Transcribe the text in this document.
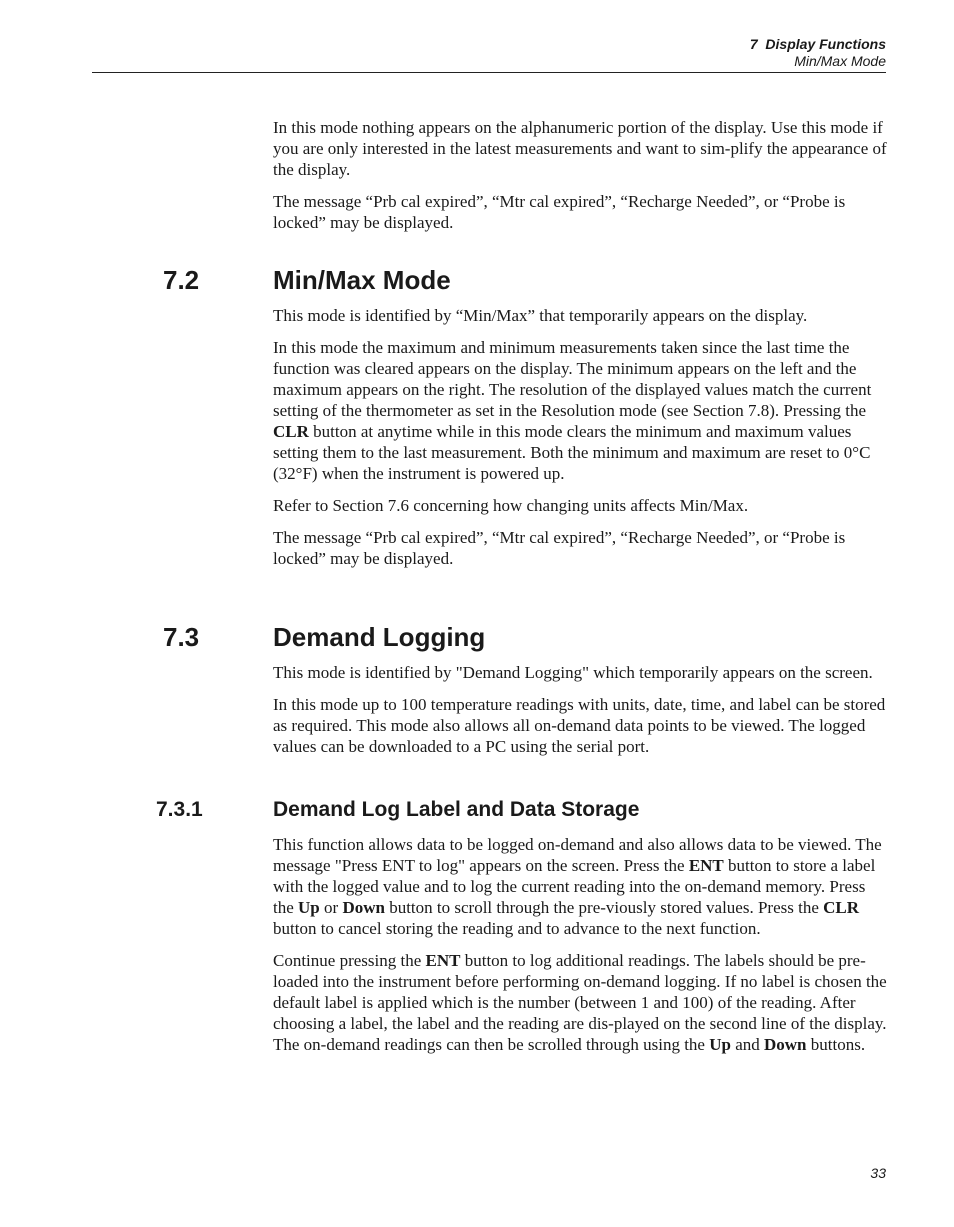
7  Display Functions
Min/Max Mode

In this mode nothing appears on the alphanumeric portion of the display. Use this mode if you are only interested in the latest measurements and want to sim-plify the appearance of the display.

The message “Prb cal expired”, “Mtr cal expired”, “Recharge Needed”, or “Probe is locked” may be displayed.

7.2	Min/Max Mode

This mode is identified by “Min/Max” that temporarily appears on the display.

In this mode the maximum and minimum measurements taken since the last time the function was cleared appears on the display. The minimum appears on the left and the maximum appears on the right. The resolution of the displayed values match the current setting of the thermometer as set in the Resolution mode (see Section 7.8). Pressing the CLR button at anytime while in this mode clears the minimum and maximum values setting them to the last measurement. Both the minimum and maximum are reset to 0°C (32°F) when the instrument is powered up.

Refer to Section 7.6 concerning how changing units affects Min/Max.

The message “Prb cal expired”, “Mtr cal expired”, “Recharge Needed”, or “Probe is locked” may be displayed.

7.3	Demand Logging

This mode is identified by "Demand Logging" which temporarily appears on the screen.

In this mode up to 100 temperature readings with units, date, time, and label can be stored as required. This mode also allows all on-demand data points to be viewed. The logged values can be downloaded to a PC using the serial port.

7.3.1	Demand Log Label and Data Storage

This function allows data to be logged on-demand and also allows data to be viewed. The message "Press ENT to log" appears on the screen. Press the ENT button to store a label with the logged value and to log the current reading into the on-demand memory. Press the Up or Down button to scroll through the pre-viously stored values. Press the CLR button to cancel storing the reading and to advance to the next function.

Continue pressing the ENT button to log additional readings. The labels should be pre-loaded into the instrument before performing on-demand logging. If no label is chosen the default label is applied which is the number (between 1 and 100) of the reading. After choosing a label, the label and the reading are dis-played on the second line of the display. The on-demand readings can then be scrolled through using the Up and Down buttons.

33
